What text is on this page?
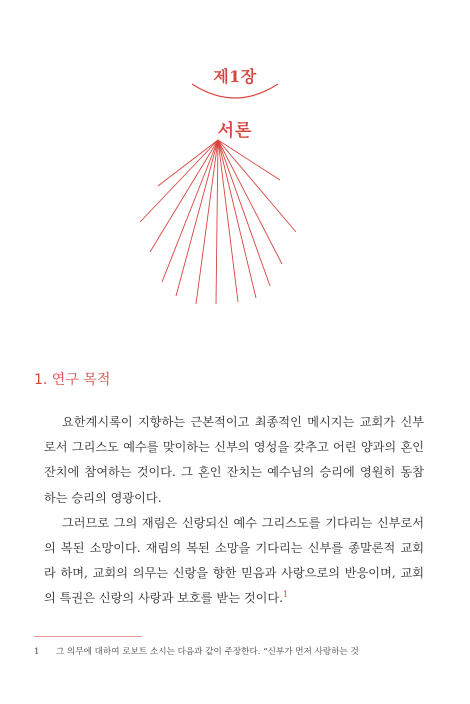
제1장
서론
1. 연구 목적

요한계시록이 지향하는 근본적이고 최종적인 메시지는 교회가 신부로서 그리스도 예수를 맞이하는 신부의 영성을 갖추고 어린 양과의 혼인 잔치에 참여하는 것이다. 그 혼인 잔치는 예수님의 승리에 영원히 동참하는 승리의 영광이다.

그러므로 그의 재림은 신랑되신 예수 그리스도를 기다리는 신부로서의 복된 소망이다. 재림의 복된 소망을 기다리는 신부를 종말론적 교회라 하며, 교회의 의무는 신랑을 향한 믿음과 사랑으로의 반응이며, 교회의 특권은 신랑의 사랑과 보호를 받는 것이다.$^1$

1 그 의무에 대하여 로보트 소시는 다음과 같이 주장한다. “신부가 먼저 사랑하는 것
